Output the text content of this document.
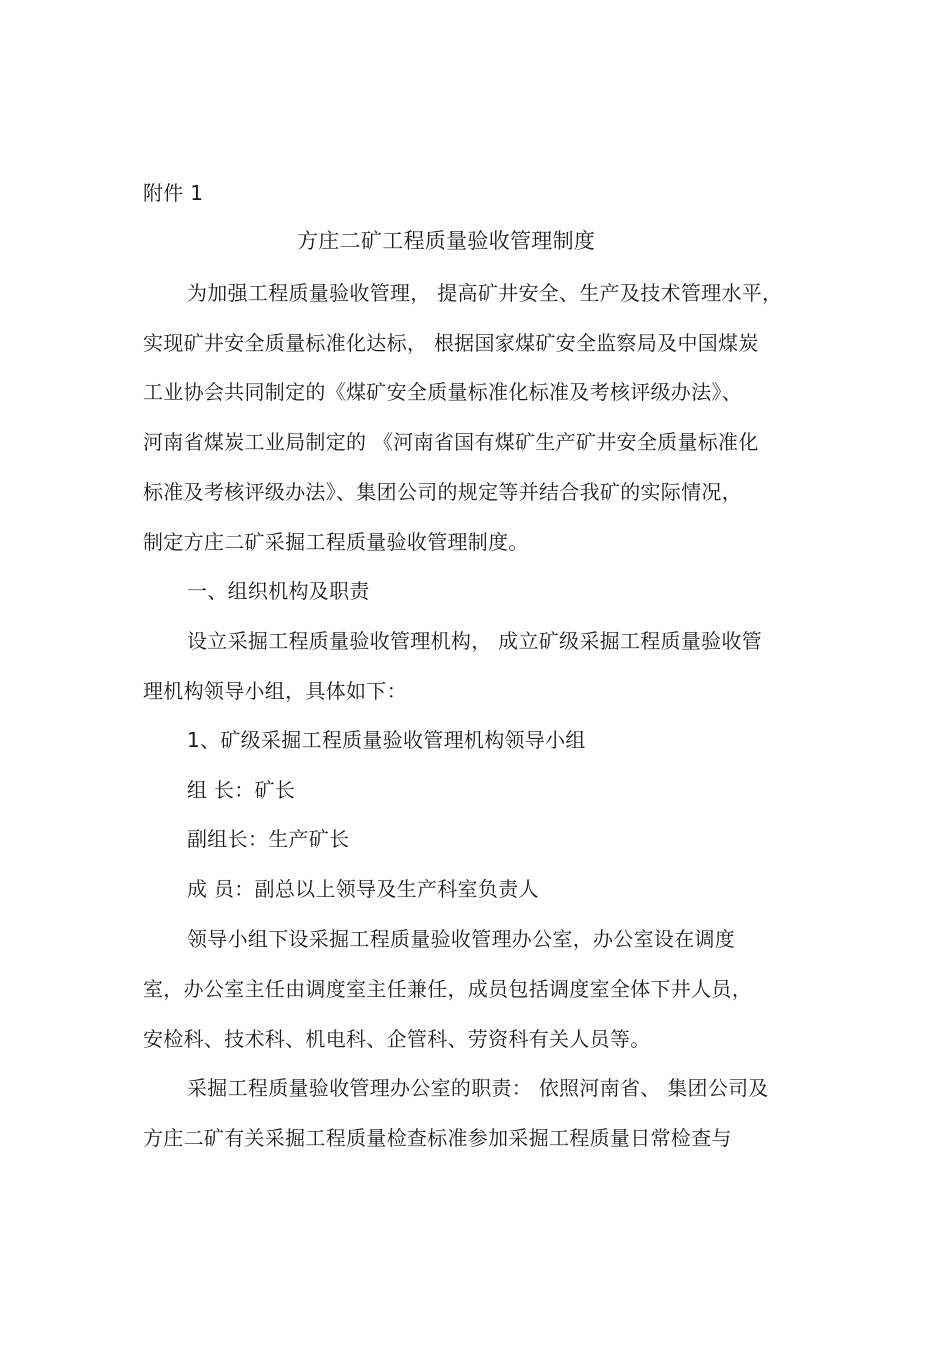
附件 1
方庄二矿工程质量验收管理制度
为加强工程质量验收管理， 提高矿井安全、生产及技术管理水平，
实现矿井安全质量标准化达标， 根据国家煤矿安全监察局及中国煤炭
工业协会共同制定的《煤矿安全质量标准化标准及考核评级办法》、
河南省煤炭工业局制定的 《河南省国有煤矿生产矿井安全质量标准化
标准及考核评级办法》、集团公司的规定等并结合我矿的实际情况，
制定方庄二矿采掘工程质量验收管理制度。
一、组织机构及职责
设立采掘工程质量验收管理机构， 成立矿级采掘工程质量验收管
理机构领导小组，具体如下：
1、矿级采掘工程质量验收管理机构领导小组
组 长：矿长
副组长：生产矿长
成 员：副总以上领导及生产科室负责人
领导小组下设采掘工程质量验收管理办公室，办公室设在调度
室，办公室主任由调度室主任兼任，成员包括调度室全体下井人员，
安检科、技术科、机电科、企管科、劳资科有关人员等。
采掘工程质量验收管理办公室的职责： 依照河南省、 集团公司及
方庄二矿有关采掘工程质量检查标准参加采掘工程质量日常检查与
